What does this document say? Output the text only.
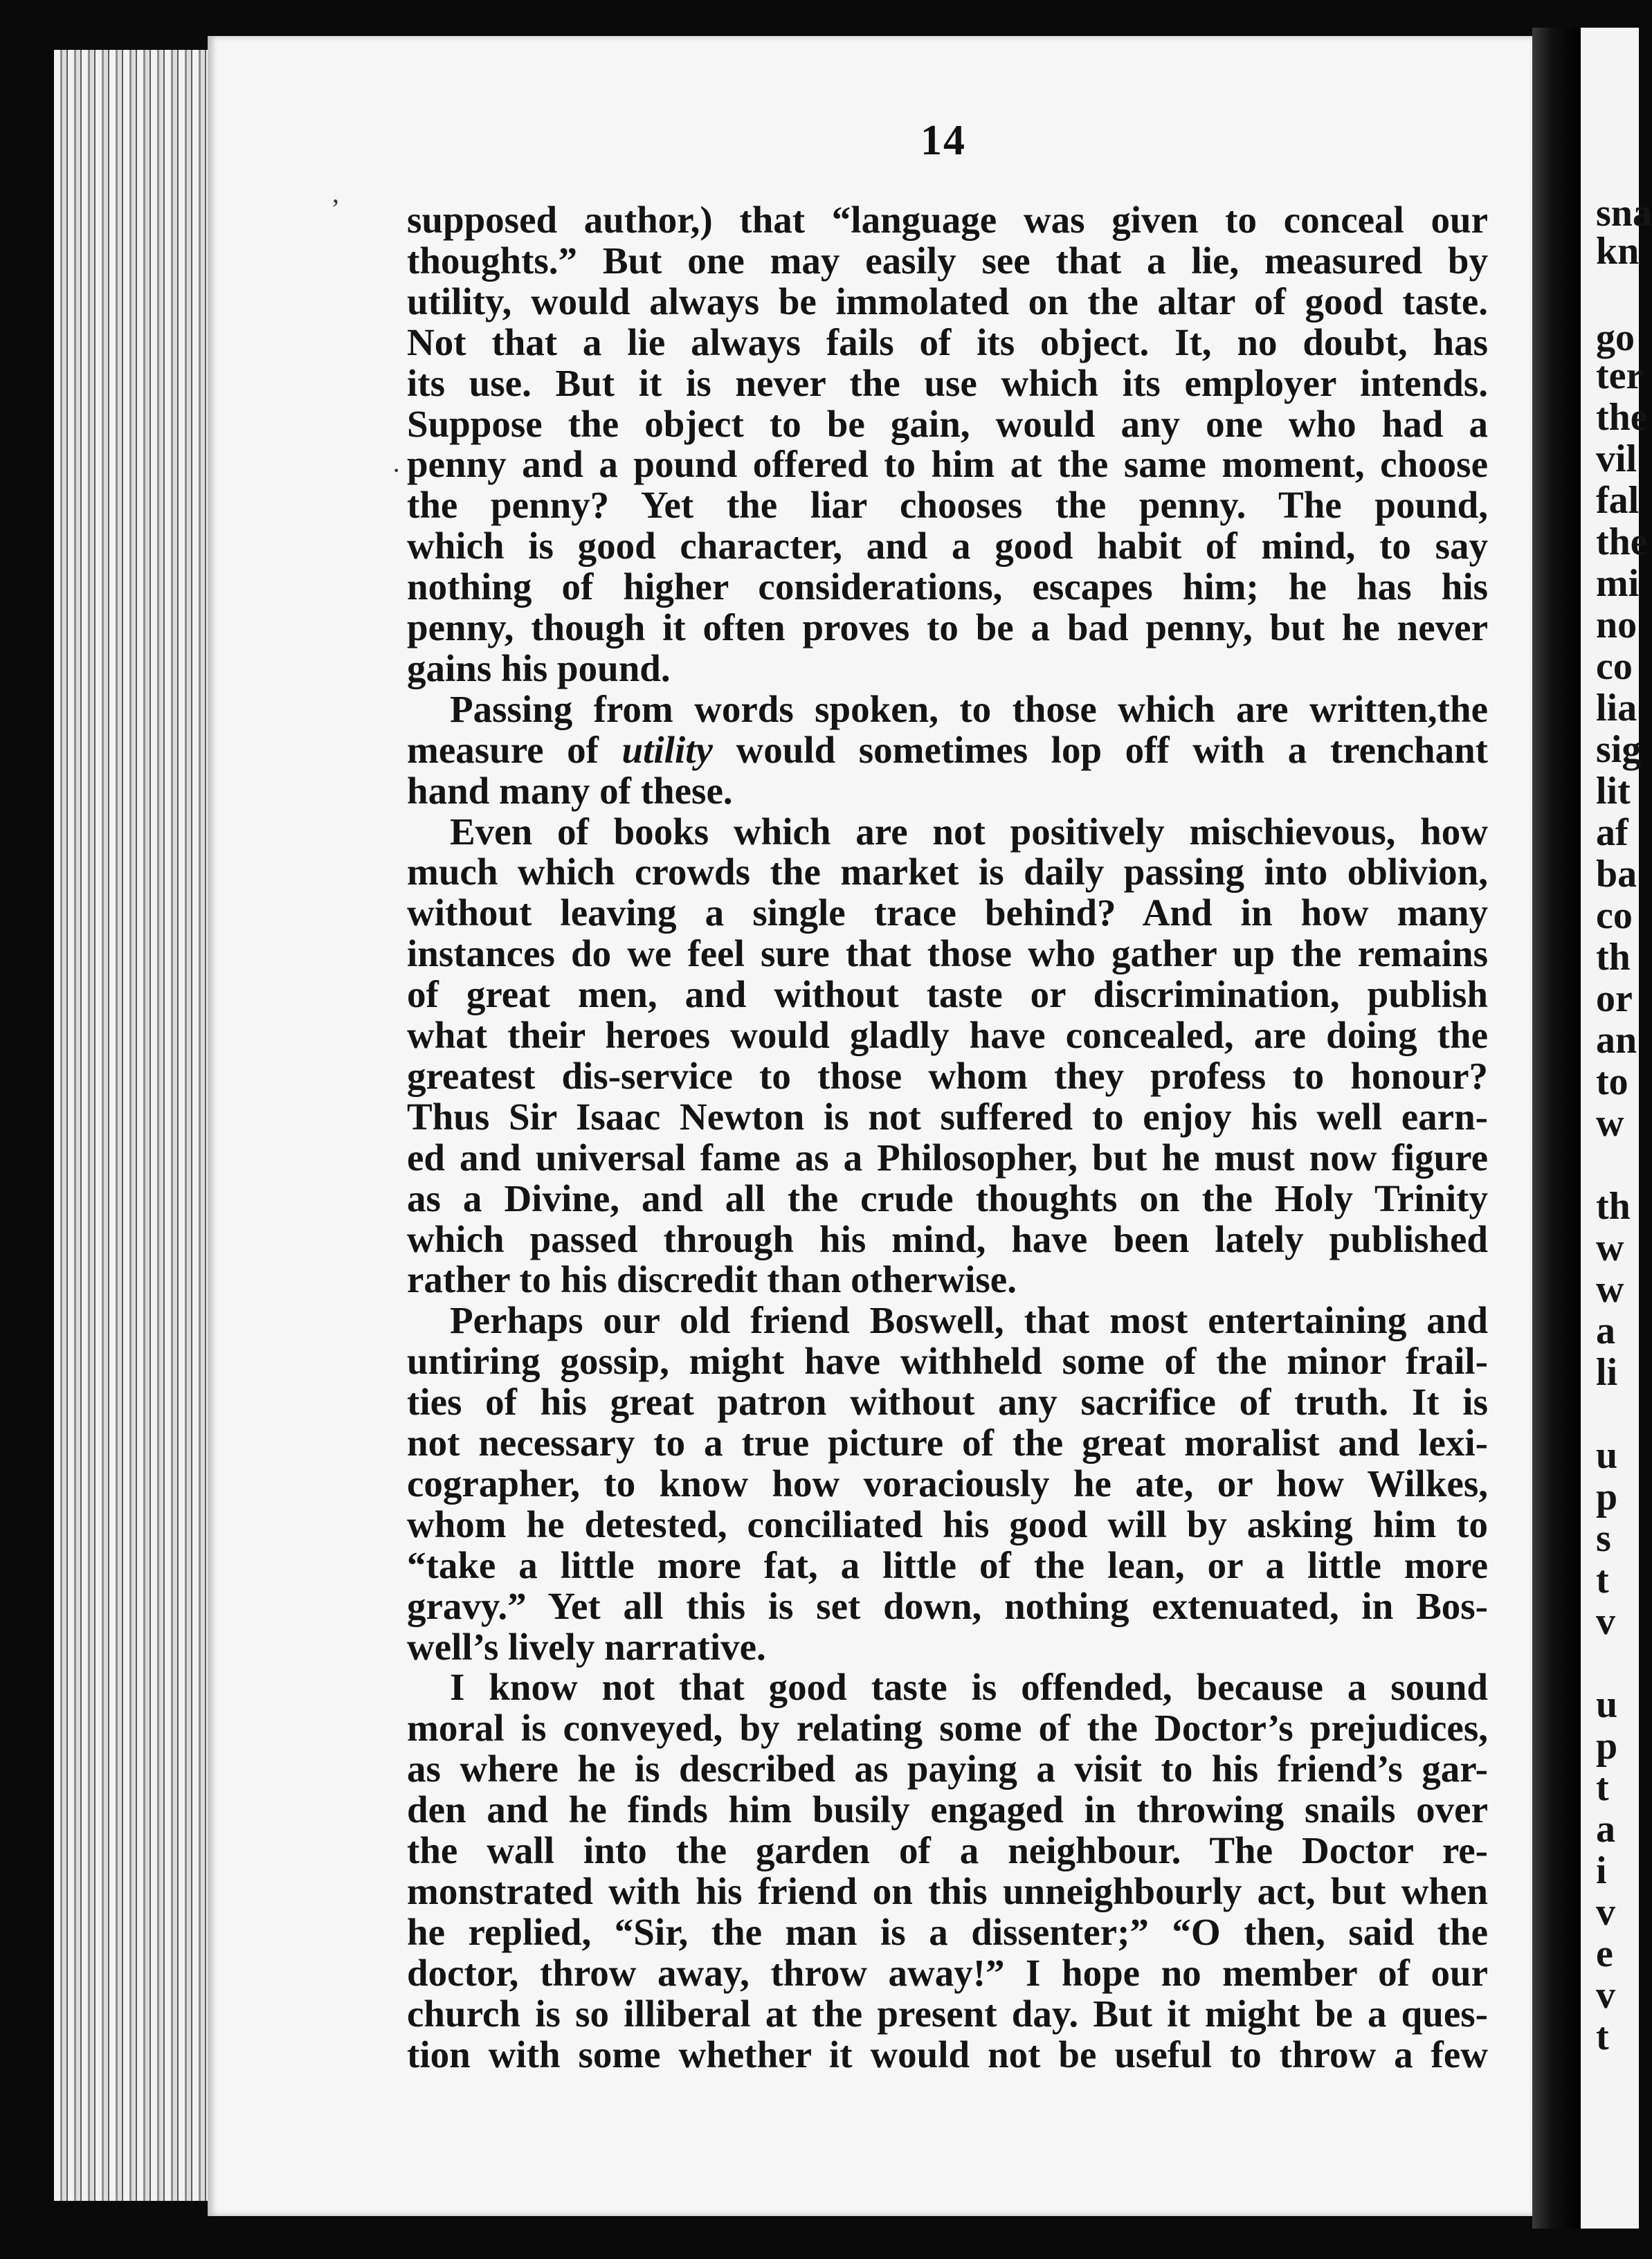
sna
kn
go
ter
the
vil
fal
the
mi
no
co
lia
sig
lit
af
ba
co
th
or
an
to
w
th
w
w
a
li
u
p
s
t
v
u
p
t
a
i
v
e
v
t
14
’
·
supposed author,) that “language was given to conceal our
thoughts.” But one may easily see that a lie, measured by
utility, would always be immolated on the altar of good taste.
Not that a lie always fails of its object. It, no doubt, has
its use. But it is never the use which its employer intends.
Suppose the object to be gain, would any one who had a
penny and a pound offered to him at the same moment, choose
the penny? Yet the liar chooses the penny. The pound,
which is good character, and a good habit of mind, to say
nothing of higher considerations, escapes him; he has his
penny, though it often proves to be a bad penny, but he never
gains his pound.
Passing from words spoken, to those which are written,the
measure of utility would sometimes lop off with a trenchant
hand many of these.
Even of books which are not positively mischievous, how
much which crowds the market is daily passing into oblivion,
without leaving a single trace behind? And in how many
instances do we feel sure that those who gather up the remains
of great men, and without taste or discrimination, publish
what their heroes would gladly have concealed, are doing the
greatest dis-service to those whom they profess to honour?
Thus Sir Isaac Newton is not suffered to enjoy his well earn-
ed and universal fame as a Philosopher, but he must now figure
as a Divine, and all the crude thoughts on the Holy Trinity
which passed through his mind, have been lately published
rather to his discredit than otherwise.
Perhaps our old friend Boswell, that most entertaining and
untiring gossip, might have withheld some of the minor frail-
ties of his great patron without any sacrifice of truth. It is
not necessary to a true picture of the great moralist and lexi-
cographer, to know how voraciously he ate, or how Wilkes,
whom he detested, conciliated his good will by asking him to
“take a little more fat, a little of the lean, or a little more
gravy.” Yet all this is set down, nothing extenuated, in Bos-
well’s lively narrative.
I know not that good taste is offended, because a sound
moral is conveyed, by relating some of the Doctor’s prejudices,
as where he is described as paying a visit to his friend’s gar-
den and he finds him busily engaged in throwing snails over
the wall into the garden of a neighbour. The Doctor re-
monstrated with his friend on this unneighbourly act, but when
he replied, “Sir, the man is a dissenter;” “O then, said the
doctor, throw away, throw away!” I hope no member of our
church is so illiberal at the present day. But it might be a ques-
tion with some whether it would not be useful to throw a few
